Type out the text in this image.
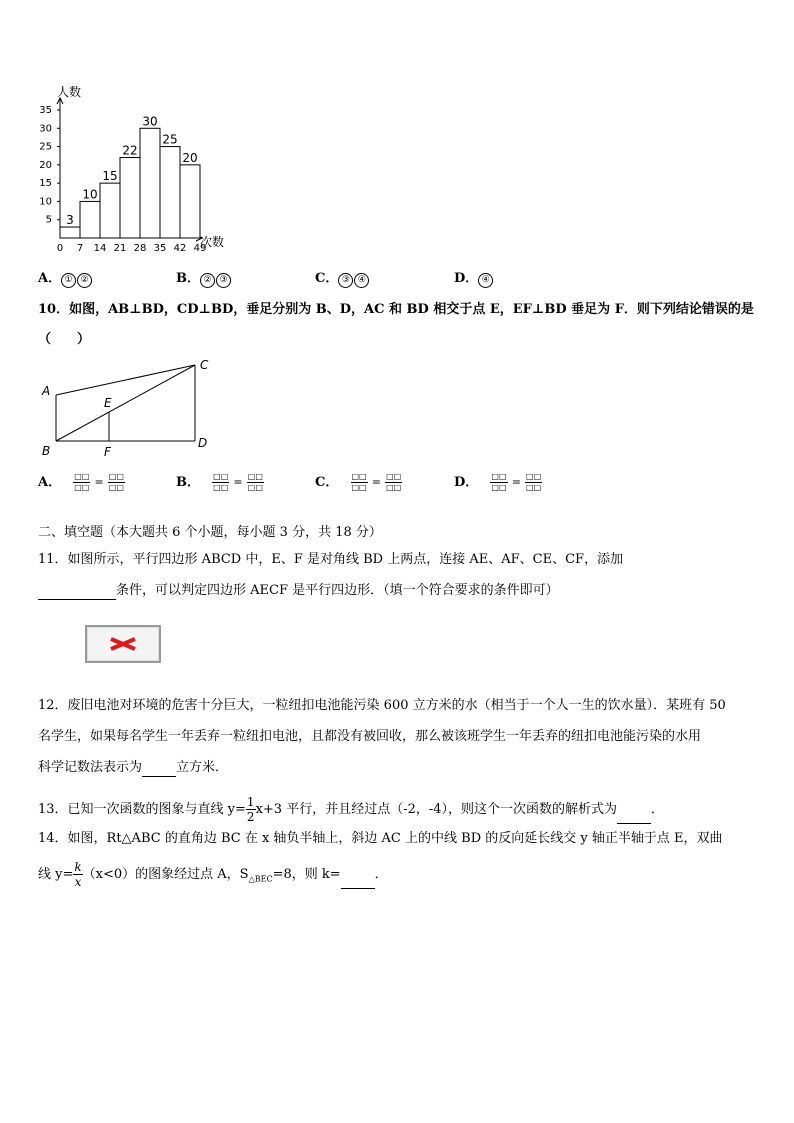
人数
次数
5
10
15
20
25
30
35
0 7 14 21 28 35 42 49
3
10
15
22
30
25
20
A． ① ②	B． ② ③	C． ③ ④	D． ④
10．如图，AB⊥BD，CD⊥BD，垂足分别为 B、D，AC 和 BD 相交于点 E，EF⊥BD 垂足为 F．则下列结论错误的是
（　　）
A
B
C
D
E
F
A． $\frac{□□}{□□} = \frac{□□}{□□}$	B． $\frac{□□}{□□} = \frac{□□}{□□}$	C． $\frac{□□}{□□} = \frac{□□}{□□}$	D． $\frac{□□}{□□} = \frac{□□}{□□}$
二、填空题（本大题共 6 个小题，每小题 3 分，共 18 分）
11．如图所示，平行四边形 ABCD 中，E、F 是对角线 BD 上两点，连接 AE、AF、CE、CF，添加
条件，可以判定四边形 AECF 是平行四边形．（填一个符合要求的条件即可）
12．废旧电池对环境的危害十分巨大，一粒纽扣电池能污染 600 立方米的水（相当于一个人一生的饮水量）．某班有 50
名学生，如果每名学生一年丢弃一粒纽扣电池，且都没有被回收，那么被该班学生一年丢弃的纽扣电池能污染的水用
科学记数法表示为	立方米．
13．已知一次函数的图象与直线 $y= \frac{1}{2} x+3$ 平行，并且经过点（-2，-4），则这个一次函数的解析式为	．
14．如图，Rt△ABC 的直角边 BC 在 x 轴负半轴上，斜边 AC 上的中线 BD 的反向延长线交 y 轴正半轴于点 E，双曲
线 $y= \frac{k}{x} (x<0)$的图象经过点 A，$S_{\triangle BEC}=8$，则 k=	．
